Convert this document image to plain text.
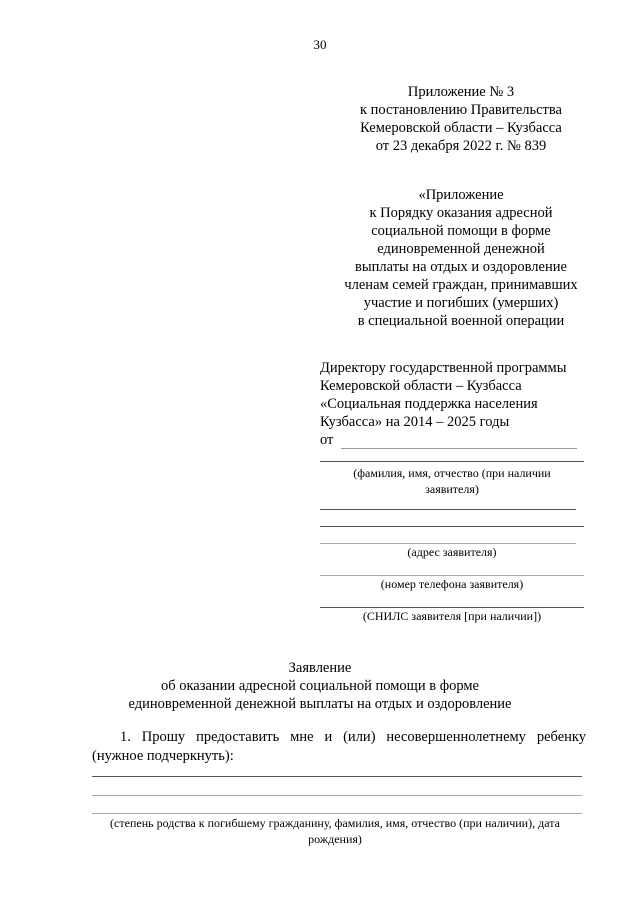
30
Приложение № 3
к постановлению Правительства
Кемеровской области – Кузбасса
от 23 декабря 2022 г. № 839
«Приложение
к Порядку оказания адресной
социальной помощи в форме
единовременной денежной
выплаты на отдых и оздоровление
членам семей граждан, принимавших
участие и погибших (умерших)
в специальной военной операции
Директору государственной программы
Кемеровской области – Кузбасса
«Социальная поддержка населения
Кузбасса» на 2014 – 2025 годы
от
(фамилия, имя, отчество (при наличии
заявителя)
(адрес заявителя)
(номер телефона заявителя)
(СНИЛС заявителя [при наличии])
Заявление
об оказании адресной социальной помощи в форме
единовременной денежной выплаты на отдых и оздоровление
1. Прошу предоставить мне и (или) несовершеннолетнему ребенку
(нужное подчеркнуть):
(степень родства к погибшему гражданину, фамилия, имя, отчество (при наличии), дата
рождения)
